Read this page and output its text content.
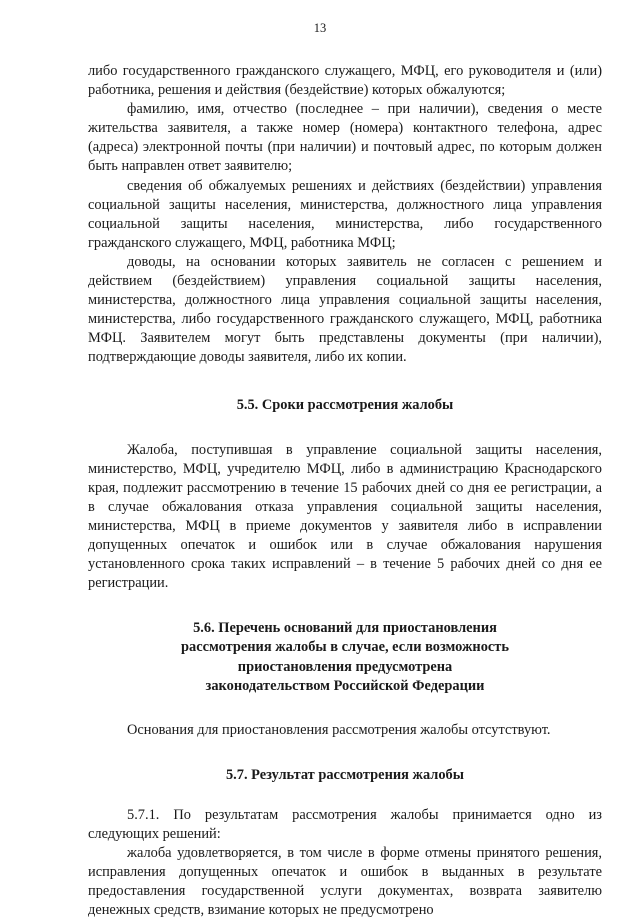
13

либо государственного гражданского служащего, МФЦ, его руководителя и (или) работника, решения и действия (бездействие) которых обжалуются;

фамилию, имя, отчество (последнее – при наличии), сведения о месте жительства заявителя, а также номер (номера) контактного телефона, адрес (адреса) электронной почты (при наличии) и почтовый адрес, по которым должен быть направлен ответ заявителю;

сведения об обжалуемых решениях и действиях (бездействии) управления социальной защиты населения, министерства, должностного лица управления социальной защиты населения, министерства, либо государственного гражданского служащего, МФЦ, работника МФЦ;

доводы, на основании которых заявитель не согласен с решением и действием (бездействием) управления социальной защиты населения, министерства, должностного лица управления социальной защиты населения, министерства, либо государственного гражданского служащего, МФЦ, работника МФЦ. Заявителем могут быть представлены документы (при наличии), подтверждающие доводы заявителя, либо их копии.

5.5. Сроки рассмотрения жалобы

Жалоба, поступившая в управление социальной защиты населения, министерство, МФЦ, учредителю МФЦ, либо в администрацию Краснодарского края, подлежит рассмотрению в течение 15 рабочих дней со дня ее регистрации, а в случае обжалования отказа управления социальной защиты населения, министерства, МФЦ в приеме документов у заявителя либо в исправлении допущенных опечаток и ошибок или в случае обжалования нарушения установленного срока таких исправлений – в течение 5 рабочих дней со дня ее регистрации.

5.6. Перечень оснований для приостановления
рассмотрения жалобы в случае, если возможность
приостановления предусмотрена
законодательством Российской Федерации

Основания для приостановления рассмотрения жалобы отсутствуют.

5.7. Результат рассмотрения жалобы

5.7.1. По результатам рассмотрения жалобы принимается одно из следующих решений:

жалоба удовлетворяется, в том числе в форме отмены принятого решения, исправления допущенных опечаток и ошибок в выданных в результате предоставления государственной услуги документах, возврата заявителю денежных средств, взимание которых не предусмотрено
